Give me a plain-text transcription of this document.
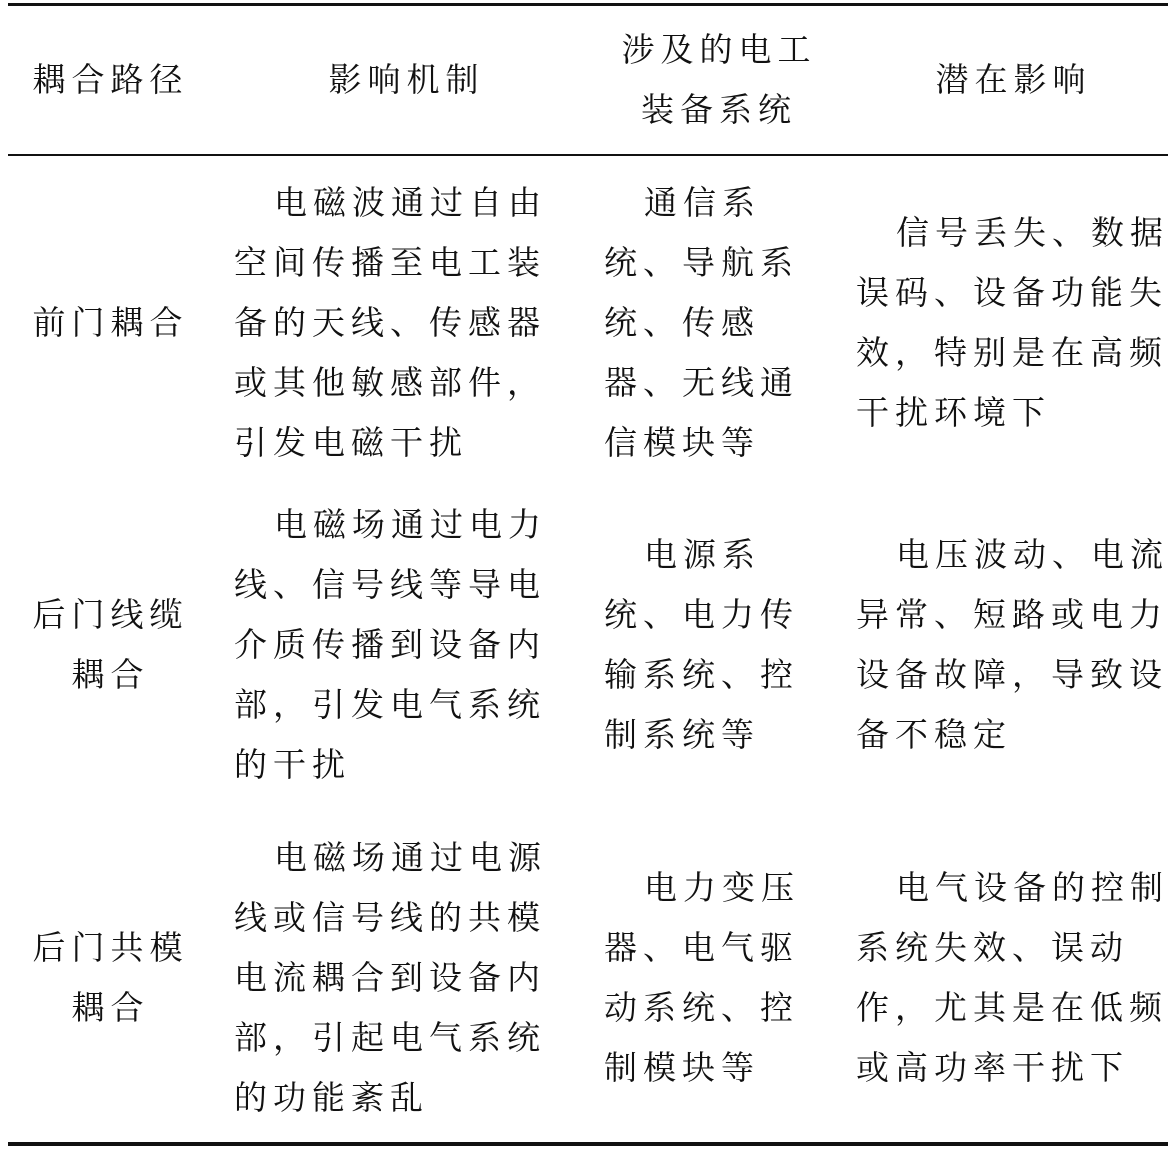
耦合路径	影响机制
涉及的电工
装备系统
潜在影响
前门耦合
电磁波通过自由空间传播至电工装备的天线、传感器或其他敏感部件，引发电磁干扰
通信系统、导航系统、传感器、无线通信模块等
信号丢失、数据误码、设备功能失效，特别是在高频干扰环境下
后门线缆
耦合
电磁场通过电力线、信号线等导电介质传播到设备内部，引发电气系统的干扰
电源系统、电力传输系统、控制系统等
电压波动、电流异常、短路或电力设备故障，导致设备不稳定
后门共模
耦合
电磁场通过电源线或信号线的共模电流耦合到设备内部，引起电气系统的功能紊乱
电力变压器、电气驱动系统、控制模块等
电气设备的控制系统失效、误动作，尤其是在低频或高功率干扰下
